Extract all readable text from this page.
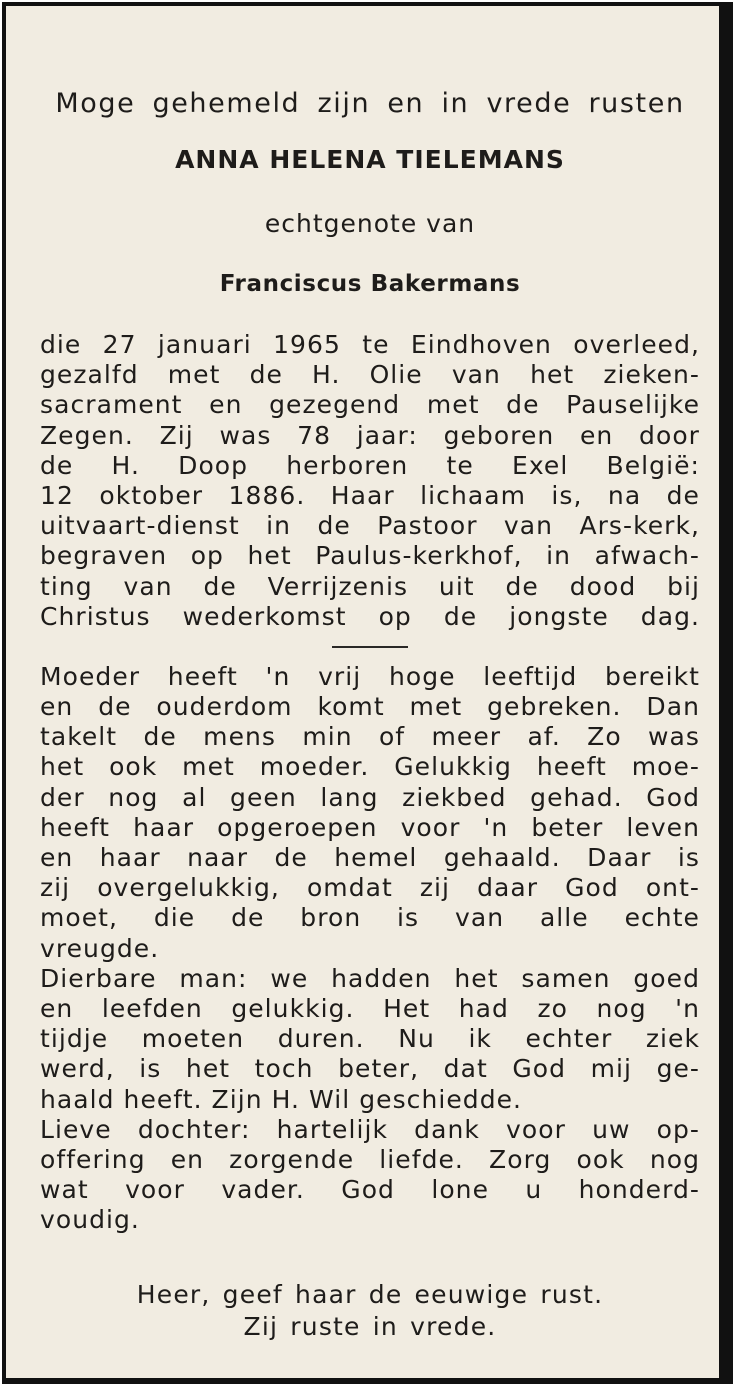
Moge gehemeld zijn en in vrede rusten
ANNA HELENA TIELEMANS
echtgenote van
Franciscus Bakermans
die 27 januari 1965 te Eindhoven overleed,
gezalfd met de H. Olie van het zieken-
sacrament en gezegend met de Pauselijke
Zegen. Zij was 78 jaar: geboren en door
de H. Doop herboren te Exel België:
12 oktober 1886. Haar lichaam is, na de
uitvaart-dienst in de Pastoor van Ars-kerk,
begraven op het Paulus-kerkhof, in afwach-
ting van de Verrijzenis uit de dood bij
Christus wederkomst op de jongste dag.
Moeder heeft 'n vrij hoge leeftijd bereikt
en de ouderdom komt met gebreken. Dan
takelt de mens min of meer af. Zo was
het ook met moeder. Gelukkig heeft moe-
der nog al geen lang ziekbed gehad. God
heeft haar opgeroepen voor 'n beter leven
en haar naar de hemel gehaald. Daar is
zij overgelukkig, omdat zij daar God ont-
moet, die de bron is van alle echte
vreugde.
Dierbare man: we hadden het samen goed
en leefden gelukkig. Het had zo nog 'n
tijdje moeten duren. Nu ik echter ziek
werd, is het toch beter, dat God mij ge-
haald heeft. Zijn H. Wil geschiedde.
Lieve dochter: hartelijk dank voor uw op-
offering en zorgende liefde. Zorg ook nog
wat voor vader. God lone u honderd-
voudig.
Heer, geef haar de eeuwige rust.
Zij ruste in vrede.
